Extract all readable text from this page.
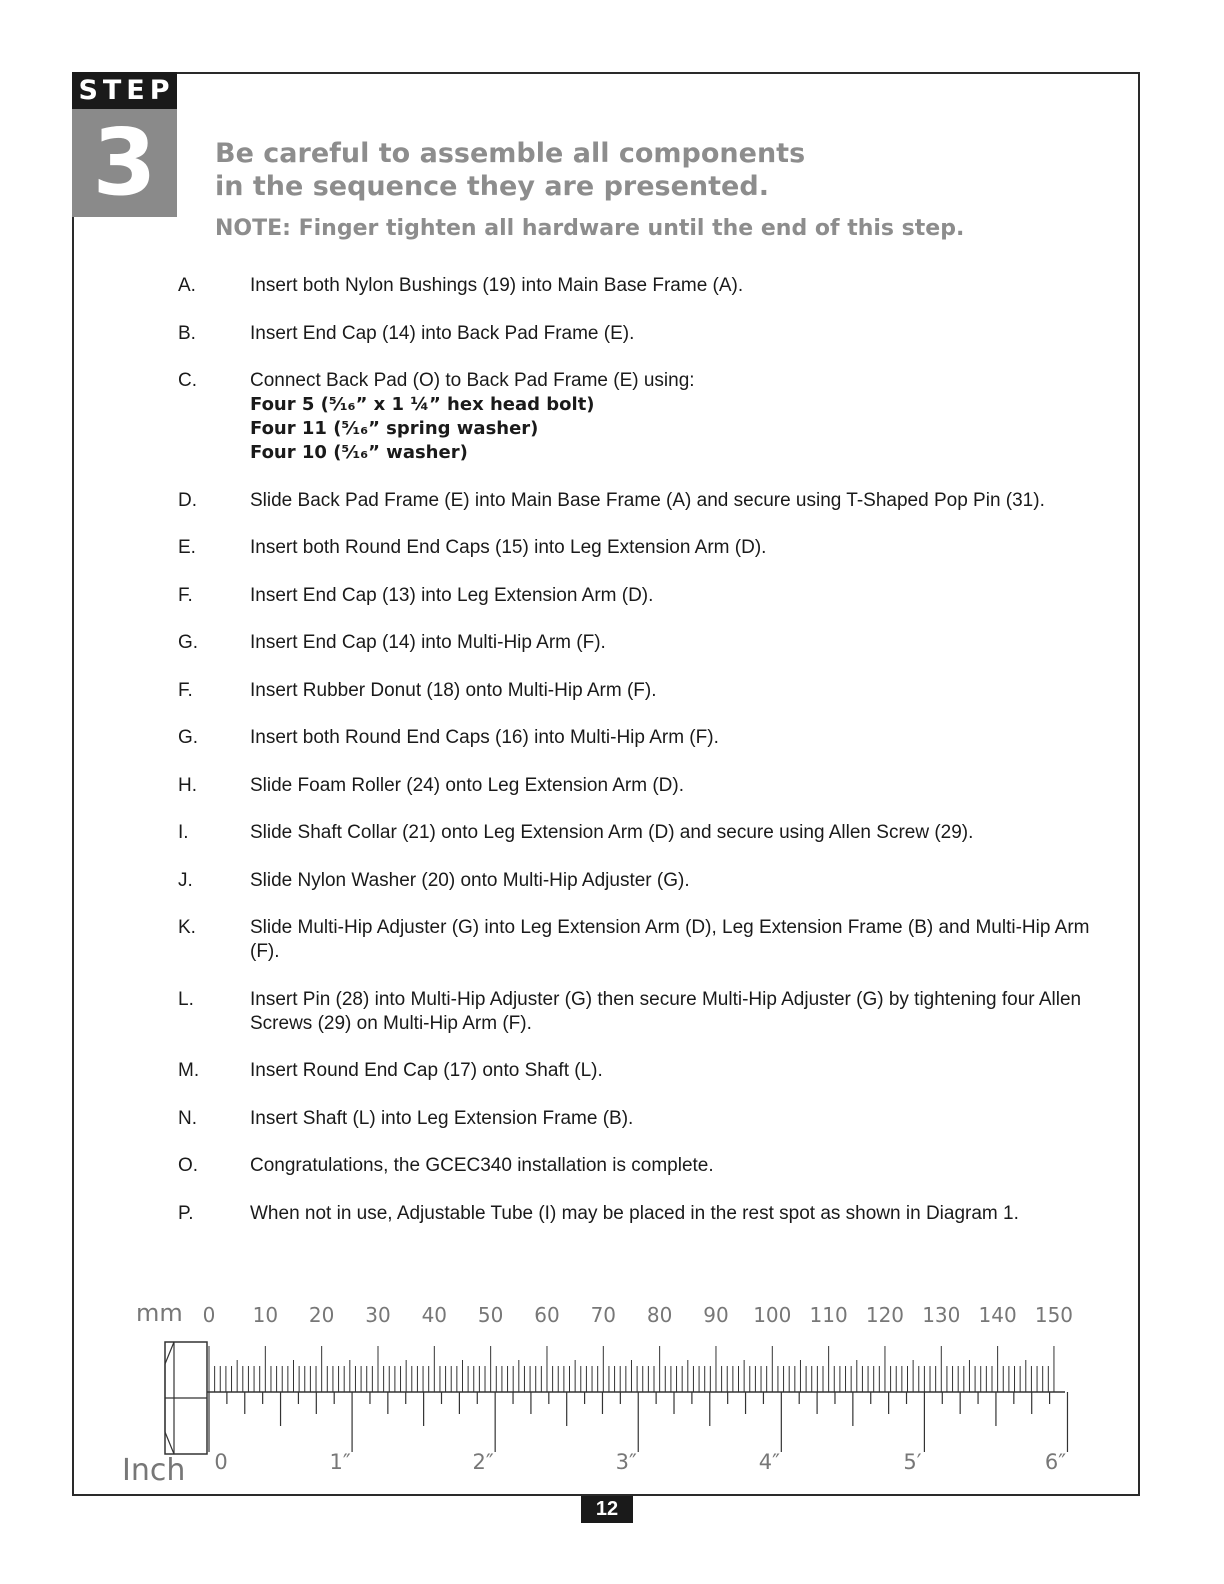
STEP
3	Be careful to assemble all components
in the sequence they are presented.
NOTE: Finger tighten all hardware until the end of this step.
A.	Insert both Nylon Bushings (19) into Main Base Frame (A).
B.	Insert End Cap (14) into Back Pad Frame (E).
C.	Connect Back Pad (O) to Back Pad Frame (E) using:
Four 5 (⁵⁄₁₆” x 1 ¼” hex head bolt)
Four 11 (⁵⁄₁₆” spring washer)
Four 10 (⁵⁄₁₆” washer)
D.	Slide Back Pad Frame (E) into Main Base Frame (A) and secure using T-Shaped Pop Pin (31).
E.	Insert both Round End Caps (15) into Leg Extension Arm (D).
F.	Insert End Cap (13) into Leg Extension Arm (D).
G.	Insert End Cap (14) into Multi-Hip Arm (F).
F.	Insert Rubber Donut (18) onto Multi-Hip Arm (F).
G.	Insert both Round End Caps (16) into Multi-Hip Arm (F).
H.	Slide Foam Roller (24) onto Leg Extension Arm (D).
I.	Slide Shaft Collar (21) onto Leg Extension Arm (D) and secure using Allen Screw (29).
J.	Slide Nylon Washer (20) onto Multi-Hip Adjuster (G).
K.	Slide Multi-Hip Adjuster (G) into Leg Extension Arm (D), Leg Extension Frame (B) and Multi-Hip Arm (F).
L.	Insert Pin (28) into Multi-Hip Adjuster (G) then secure Multi-Hip Adjuster (G) by tightening four Allen Screws (29) on Multi-Hip Arm (F).
M.	Insert Round End Cap (17) onto Shaft (L).
N.	Insert Shaft (L) into Leg Extension Frame (B).
O.	Congratulations, the GCEC340 installation is complete.
P.	When not in use, Adjustable Tube (I) may be placed in the rest spot as shown in Diagram 1.
mm
Inch
0 10 20 30 40 50 60 70 80 90 100 110 120 130 140 150
0	1″	2″	3″	4″	5′	6″
12
